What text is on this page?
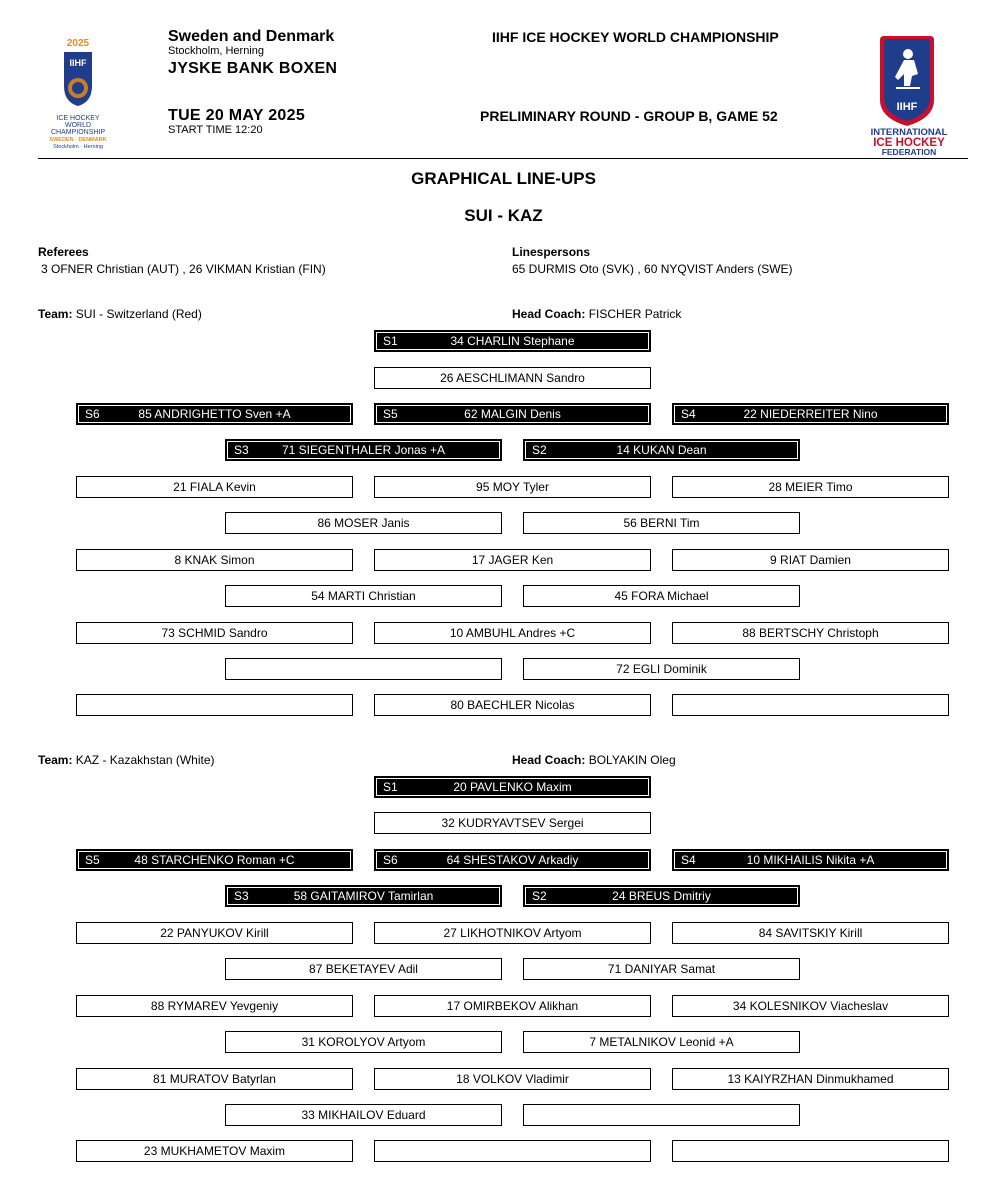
2025
IIHF
ICE HOCKEY
WORLD
CHAMPIONSHIP
SWEDEN · DENMARK
Stockholm · Herning
Sweden and Denmark
Stockholm, Herning
JYSKE BANK BOXEN
TUE 20 MAY 2025
START TIME 12:20
IIHF ICE HOCKEY WORLD CHAMPIONSHIP
PRELIMINARY ROUND - GROUP B, GAME 52
IIHF
INTERNATIONAL
ICE HOCKEY
FEDERATION
GRAPHICAL LINE-UPS
SUI - KAZ
Referees
3 OFNER Christian (AUT) , 26 VIKMAN Kristian (FIN)
Linespersons
65 DURMIS Oto (SVK) , 60 NYQVIST Anders (SWE)
Team: SUI - Switzerland (Red)	Head Coach: FISCHER Patrick
S1	34 CHARLIN Stephane
26 AESCHLIMANN Sandro
S6	85 ANDRIGHETTO Sven +A	S5	62 MALGIN Denis	S4	22 NIEDERREITER Nino
S3	71 SIEGENTHALER Jonas +A	S2	14 KUKAN Dean
21 FIALA Kevin	95 MOY Tyler	28 MEIER Timo
86 MOSER Janis	56 BERNI Tim
8 KNAK Simon	17 JAGER Ken	9 RIAT Damien
54 MARTI Christian	45 FORA Michael
73 SCHMID Sandro	10 AMBUHL Andres +C	88 BERTSCHY Christoph
72 EGLI Dominik
80 BAECHLER Nicolas
Team: KAZ - Kazakhstan (White)	Head Coach: BOLYAKIN Oleg
S1	20 PAVLENKO Maxim
32 KUDRYAVTSEV Sergei
S5	48 STARCHENKO Roman +C	S6	64 SHESTAKOV Arkadiy	S4	10 MIKHAILIS Nikita +A
S3	58 GAITAMIROV Tamirlan	S2	24 BREUS Dmitriy
22 PANYUKOV Kirill	27 LIKHOTNIKOV Artyom	84 SAVITSKIY Kirill
87 BEKETAYEV Adil	71 DANIYAR Samat
88 RYMAREV Yevgeniy	17 OMIRBEKOV Alikhan	34 KOLESNIKOV Viacheslav
31 KOROLYOV Artyom	7 METALNIKOV Leonid +A
81 MURATOV Batyrlan	18 VOLKOV Vladimir	13 KAIYRZHAN Dinmukhamed
33 MIKHAILOV Eduard
23 MUKHAMETOV Maxim
